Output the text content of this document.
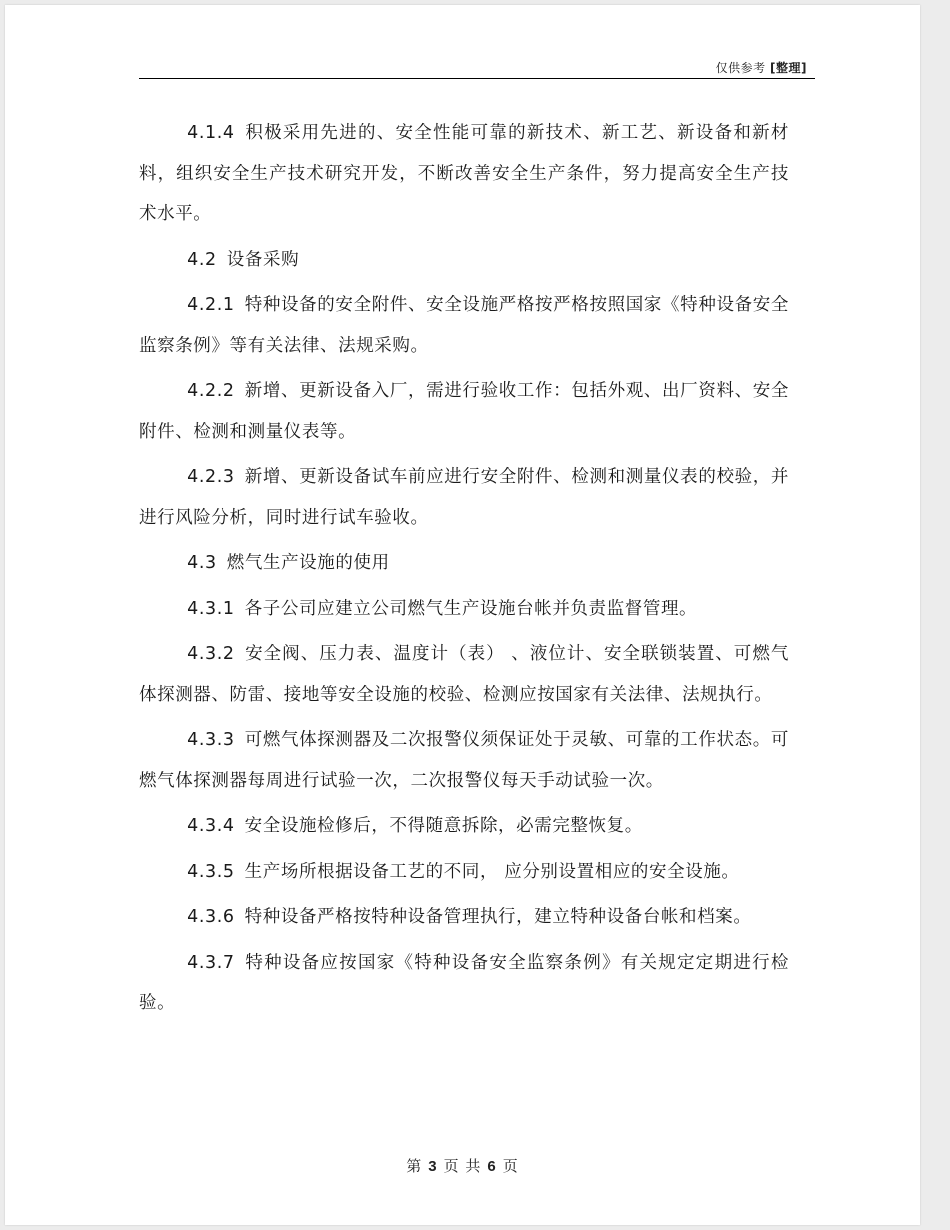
仅供参考 [整理]

4.1.4 积极采用先进的、安全性能可靠的新技术、新工艺、新设备和新材料，组织安全生产技术研究开发，不断改善安全生产条件，努力提高安全生产技术水平。

4.2 设备采购

4.2.1 特种设备的安全附件、安全设施严格按严格按照国家《特种设备安全监察条例》等有关法律、法规采购。

4.2.2 新增、更新设备入厂，需进行验收工作：包括外观、出厂资料、安全附件、检测和测量仪表等。

4.2.3 新增、更新设备试车前应进行安全附件、检测和测量仪表的校验，并进行风险分析，同时进行试车验收。

4.3 燃气生产设施的使用

4.3.1 各子公司应建立公司燃气生产设施台帐并负责监督管理。

4.3.2 安全阀、压力表、温度计（表） 、液位计、安全联锁装置、可燃气体探测器、防雷、接地等安全设施的校验、检测应按国家有关法律、法规执行。

4.3.3 可燃气体探测器及二次报警仪须保证处于灵敏、可靠的工作状态。可燃气体探测器每周进行试验一次，二次报警仪每天手动试验一次。

4.3.4 安全设施检修后，不得随意拆除，必需完整恢复。

4.3.5 生产场所根据设备工艺的不同， 应分别设置相应的安全设施。

4.3.6 特种设备严格按特种设备管理执行，建立特种设备台帐和档案。

4.3.7 特种设备应按国家《特种设备安全监察条例》有关规定定期进行检验。

第 3 页 共 6 页
